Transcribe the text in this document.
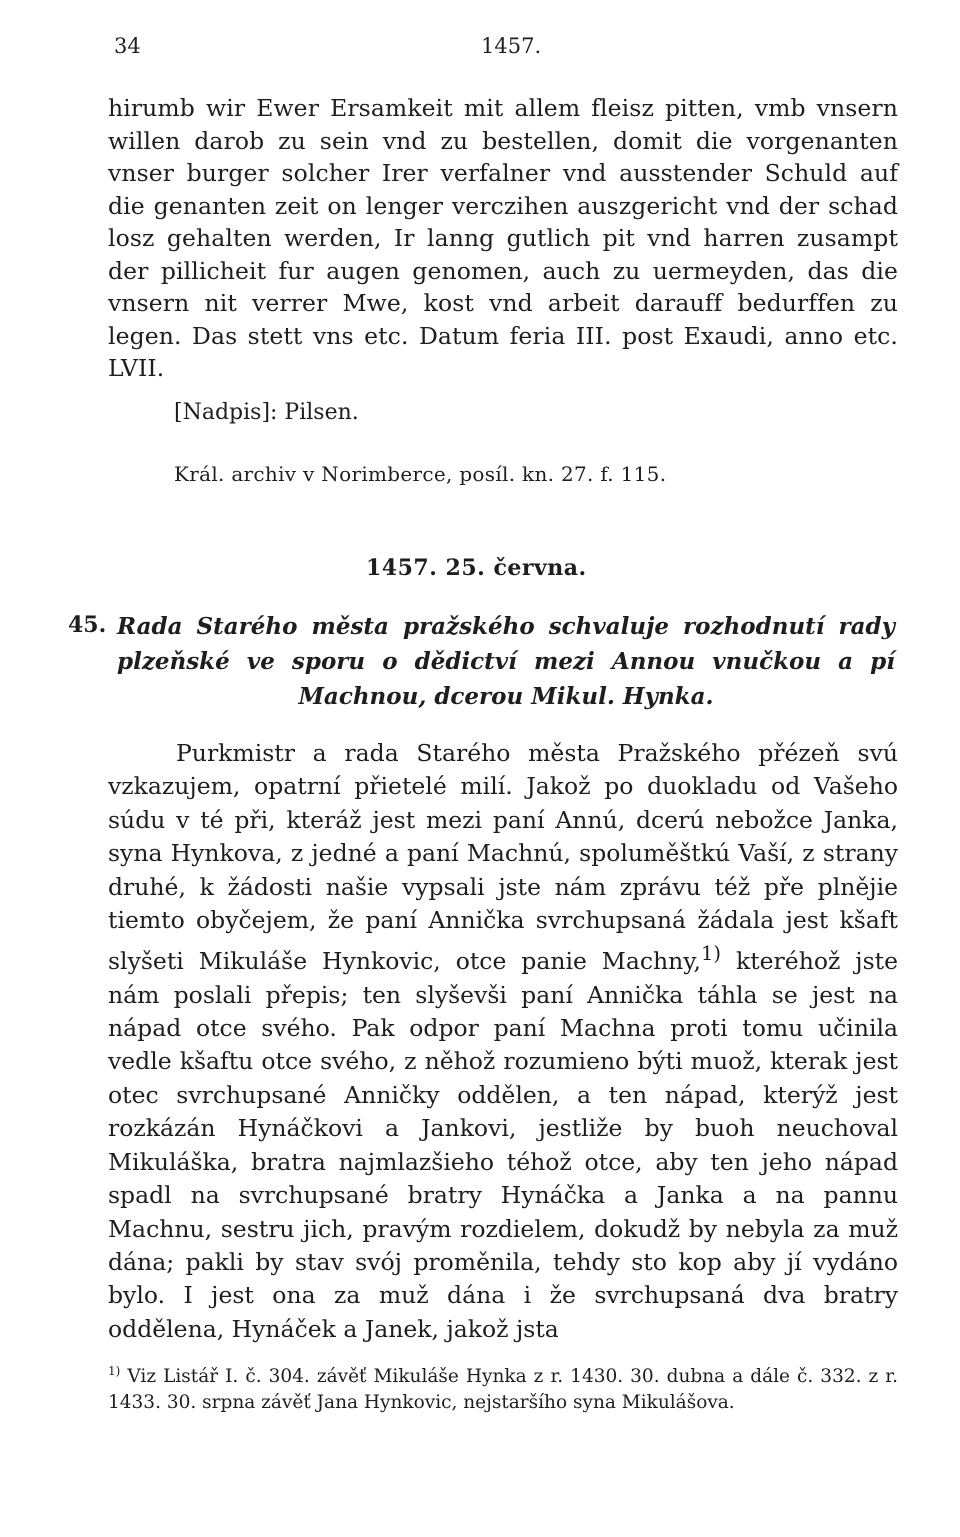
34	1457.
hirumb wir Ewer Ersamkeit mit allem fleisz pitten, vmb vnsern willen darob zu sein vnd zu bestellen, domit die vorgenanten vnser burger solcher Irer verfalner vnd ausstender Schuld auf die genanten zeit on lenger verczihen auszgericht vnd der schad losz gehalten werden, Ir lanng gutlich pit vnd harren zusampt der pillicheit fur augen genomen, auch zu uermeyden, das die vnsern nit verrer Mwe, kost vnd arbeit darauff bedurffen zu legen. Das stett vns etc. Datum feria III. post Exaudi, anno etc. LVII.
[Nadpis]: Pilsen.
Král. archiv v Norimberce, posíl. kn. 27. f. 115.
1457. 25. června.
45. Rada Starého města pražského schvaluje rozhodnutí rady plzeňské ve sporu o dědictví mezi Annou vnučkou a pí Machnou, dcerou Mikul. Hynka.
Purkmistr a rada Starého města Pražského přézeň svú vzkazujem, opatrní přietelé milí. Jakož po duokladu od Vašeho súdu v té při, kteráž jest mezi paní Annú, dcerú nebožce Janka, syna Hynkova, z jedné a paní Machnú, spoluměštkú Vaší, z strany druhé, k žádosti našie vypsali jste nám zprávu též pře plnějie tiemto obyčejem, že paní Annička svrchupsaná žádala jest kšaft slyšeti Mikuláše Hynkovic, otce panie Machny,$^{1)}$ kteréhož jste nám poslali přepis; ten slyševši paní Annička táhla se jest na nápad otce svého. Pak odpor paní Machna proti tomu učinila vedle kšaftu otce svého, z něhož rozumieno býti muož, kterak jest otec svrchupsané Anničky oddělen, a ten nápad, kterýž jest rozkázán Hynáčkovi a Jankovi, jestliže by buoh neuchoval Mikuláška, bratra najmlazšieho téhož otce, aby ten jeho nápad spadl na svrchupsané bratry Hynáčka a Janka a na pannu Machnu, sestru jich, pravým rozdielem, dokudž by nebyla za muž dána; pakli by stav svój proměnila, tehdy sto kop aby jí vydáno bylo. I jest ona za muž dána i že svrchupsaná dva bratry oddělena, Hynáček a Janek, jakož jsta
$^{1)}$ Viz Listář I. č. 304. závěť Mikuláše Hynka z r. 1430. 30. dubna a dále č. 332. z r. 1433. 30. srpna závěť Jana Hynkovic, nejstaršího syna Mikulášova.
